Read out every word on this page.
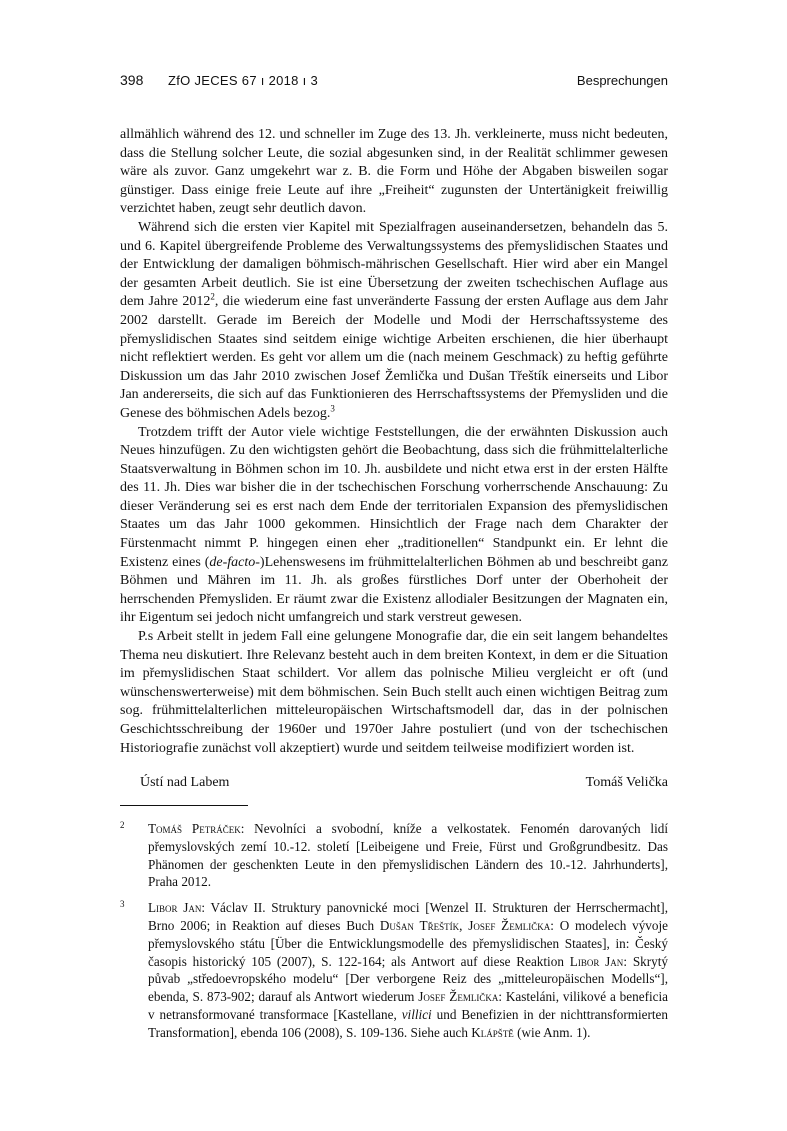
398 ZfO JECES 67 ı 2018 ı 3	Besprechungen

allmählich während des 12. und schneller im Zuge des 13. Jh. verkleinerte, muss nicht bedeuten, dass die Stellung solcher Leute, die sozial abgesunken sind, in der Realität schlimmer gewesen wäre als zuvor. Ganz umgekehrt war z. B. die Form und Höhe der Abgaben bisweilen sogar günstiger. Dass einige freie Leute auf ihre „Freiheit“ zugunsten der Untertänigkeit freiwillig verzichtet haben, zeugt sehr deutlich davon.

Während sich die ersten vier Kapitel mit Spezialfragen auseinandersetzen, behandeln das 5. und 6. Kapitel übergreifende Probleme des Verwaltungssystems des přemyslidischen Staates und der Entwicklung der damaligen böhmisch-mährischen Gesellschaft. Hier wird aber ein Mangel der gesamten Arbeit deutlich. Sie ist eine Übersetzung der zweiten tschechischen Auflage aus dem Jahre 2012$^2$, die wiederum eine fast unveränderte Fassung der ersten Auflage aus dem Jahr 2002 darstellt. Gerade im Bereich der Modelle und Modi der Herrschaftssysteme des přemyslidischen Staates sind seitdem einige wichtige Arbeiten erschienen, die hier überhaupt nicht reflektiert werden. Es geht vor allem um die (nach meinem Geschmack) zu heftig geführte Diskussion um das Jahr 2010 zwischen Josef Žemlička und Dušan Třeštík einerseits und Libor Jan andererseits, die sich auf das Funktionieren des Herrschaftssystems der Přemysliden und die Genese des böhmischen Adels bezog.$^3$

Trotzdem trifft der Autor viele wichtige Feststellungen, die der erwähnten Diskussion auch Neues hinzufügen. Zu den wichtigsten gehört die Beobachtung, dass sich die frühmittelalterliche Staatsverwaltung in Böhmen schon im 10. Jh. ausbildete und nicht etwa erst in der ersten Hälfte des 11. Jh. Dies war bisher die in der tschechischen Forschung vorherrschende Anschauung: Zu dieser Veränderung sei es erst nach dem Ende der territorialen Expansion des přemyslidischen Staates um das Jahr 1000 gekommen. Hinsichtlich der Frage nach dem Charakter der Fürstenmacht nimmt P. hingegen einen eher „traditionellen“ Standpunkt ein. Er lehnt die Existenz eines (de-facto-)Lehenswesens im frühmittelalterlichen Böhmen ab und beschreibt ganz Böhmen und Mähren im 11. Jh. als großes fürstliches Dorf unter der Oberhoheit der herrschenden Přemysliden. Er räumt zwar die Existenz allodialer Besitzungen der Magnaten ein, ihr Eigentum sei jedoch nicht umfangreich und stark verstreut gewesen.

P.s Arbeit stellt in jedem Fall eine gelungene Monografie dar, die ein seit langem behandeltes Thema neu diskutiert. Ihre Relevanz besteht auch in dem breiten Kontext, in dem er die Situation im přemyslidischen Staat schildert. Vor allem das polnische Milieu vergleicht er oft (und wünschenswerterweise) mit dem böhmischen. Sein Buch stellt auch einen wichtigen Beitrag zum sog. frühmittelalterlichen mitteleuropäischen Wirtschaftsmodell dar, das in der polnischen Geschichtsschreibung der 1960er und 1970er Jahre postuliert (und von der tschechischen Historiografie zunächst voll akzeptiert) wurde und seitdem teilweise modifiziert worden ist.

Ústí nad Labem	Tomáš Velička
2 Tomáš Petráček: Nevolníci a svobodní, kníže a velkostatek. Fenomén darovaných lidí přemyslovských zemí 10.-12. století [Leibeigene und Freie, Fürst und Großgrundbesitz. Das Phänomen der geschenkten Leute in den přemyslidischen Ländern des 10.-12. Jahrhunderts], Praha 2012.
3 Libor Jan: Václav II. Struktury panovnické moci [Wenzel II. Strukturen der Herrschermacht], Brno 2006; in Reaktion auf dieses Buch Dušan Třeštík, Josef Žemlička: O modelech vývoje přemyslovského státu [Über die Entwicklungsmodelle des přemyslidischen Staates], in: Český časopis historický 105 (2007), S. 122-164; als Antwort auf diese Reaktion Libor Jan: Skrytý půvab „středoevropského modelu“ [Der verborgene Reiz des „mitteleuropäischen Modells“], ebenda, S. 873-902; darauf als Antwort wiederum Josef Žemlička: Kasteláni, vilikové a beneficia v netransformované transformace [Kastellane, villici und Benefizien in der nichttransformierten Transformation], ebenda 106 (2008), S. 109-136. Siehe auch Klápště (wie Anm. 1).
